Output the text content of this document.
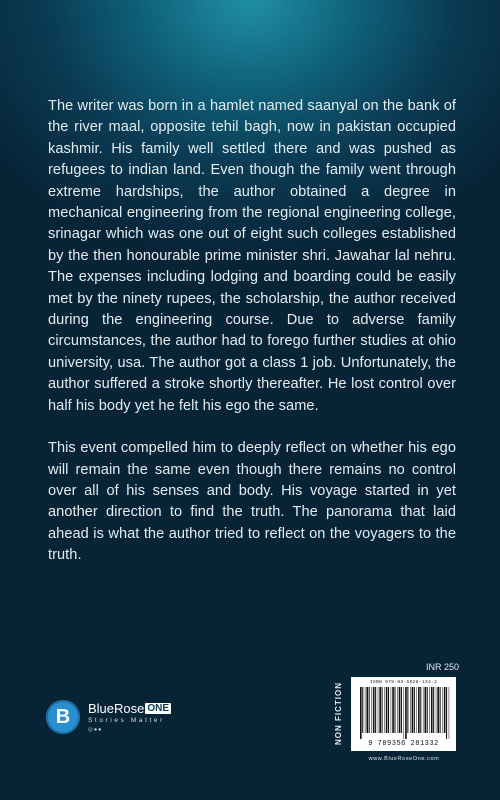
The writer was born in a hamlet named saanyal on the bank of the river maal, opposite tehil bagh, now in pakistan occupied kashmir. His family well settled there and was pushed as refugees to indian land. Even though the family went through extreme hardships, the author obtained a degree in mechanical engineering from the regional engineering college, srinagar which was one out of eight such colleges established by the then honourable prime minister shri. Jawahar lal nehru. The expenses including lodging and boarding could be easily met by the ninety rupees, the scholarship, the author received during the engineering course. Due to adverse family circumstances, the author had to forego further studies at ohio university, usa. The author got a class 1 job. Unfortunately, the author suffered a stroke shortly thereafter. He lost control over half his body yet he felt his ego the same.

This event compelled him to deeply reflect on whether his ego will remain the same even though there remains no control over all of his senses and body. His voyage started in yet another direction to find the truth. The panorama that laid ahead is what the author tried to reflect on the voyagers to the truth.

B BlueRose ONE
Stories Matter
◎●●
INR 250
NON FICTION	ISBN 978-93-5628-133-2
9 789356 281332
www.BlueRoseOne.com
